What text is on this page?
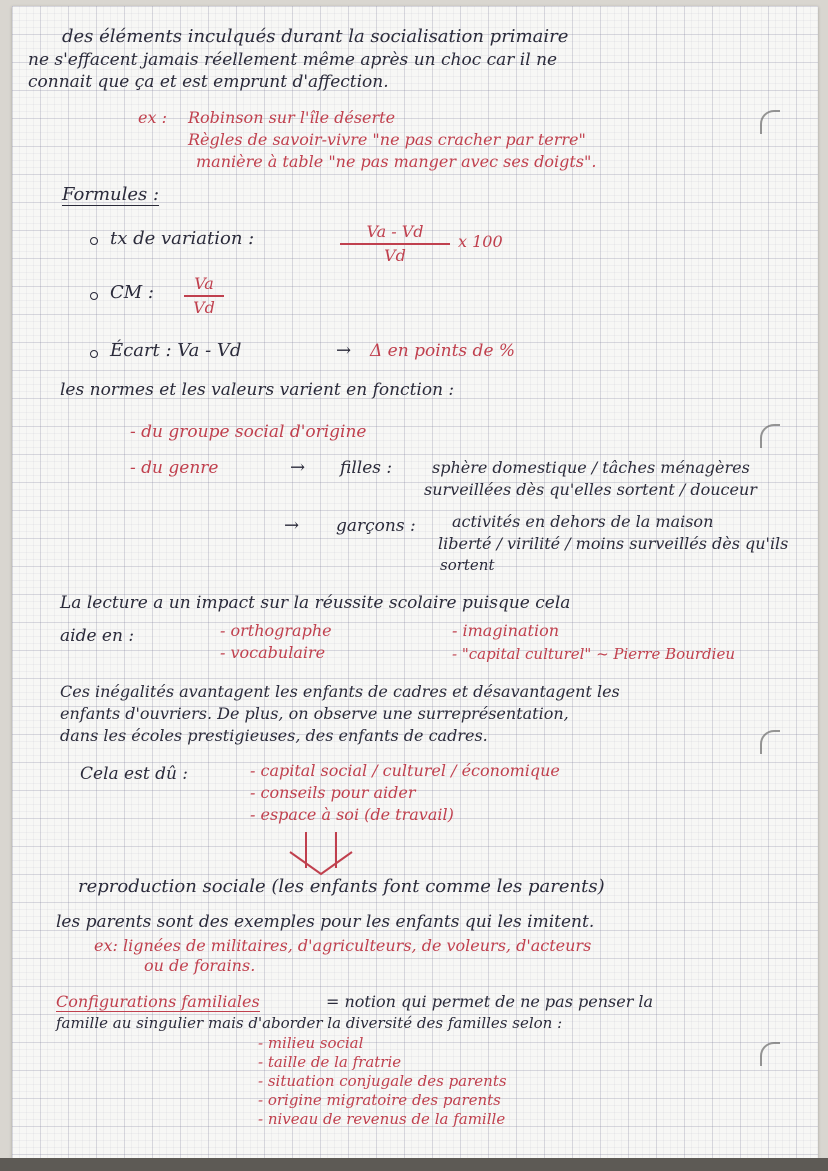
des éléments inculqués durant la socialisation primaire
ne s'effacent jamais réellement même après un choc car il ne
connait que ça et est emprunt d'affection.
ex : Robinson sur l'île déserte
Règles de savoir-vivre "ne pas cracher par terre"
manière à table "ne pas manger avec ses doigts".
Formules :
tx de variation :	Va - Vd
Vd
x 100
CM :	Va
Vd
Écart : Va - Vd	→ Δ en points de %
les normes et les valeurs varient en fonction :
- du groupe social d'origine
- du genre	→ filles : sphère domestique / tâches ménagères
surveillées dès qu'elles sortent / douceur
→ garçons : activités en dehors de la maison
liberté / virilité / moins surveillés dès qu'ils
sortent
La lecture a un impact sur la réussite scolaire puisque cela
aide en :	- orthographe
- vocabulaire
- imagination
- "capital culturel" ~ Pierre Bourdieu
Ces inégalités avantagent les enfants de cadres et désavantagent les
enfants d'ouvriers. De plus, on observe une surreprésentation,
dans les écoles prestigieuses, des enfants de cadres.
Cela est dû :	- capital social / culturel / économique
- conseils pour aider
- espace à soi (de travail)
reproduction sociale (les enfants font comme les parents)
les parents sont des exemples pour les enfants qui les imitent.
ex: lignées de militaires, d'agriculteurs, de voleurs, d'acteurs
ou de forains.
Configurations familiales	= notion qui permet de ne pas penser la
famille au singulier mais d'aborder la diversité des familles selon :
- milieu social
- taille de la fratrie
- situation conjugale des parents
- origine migratoire des parents
- niveau de revenus de la famille
